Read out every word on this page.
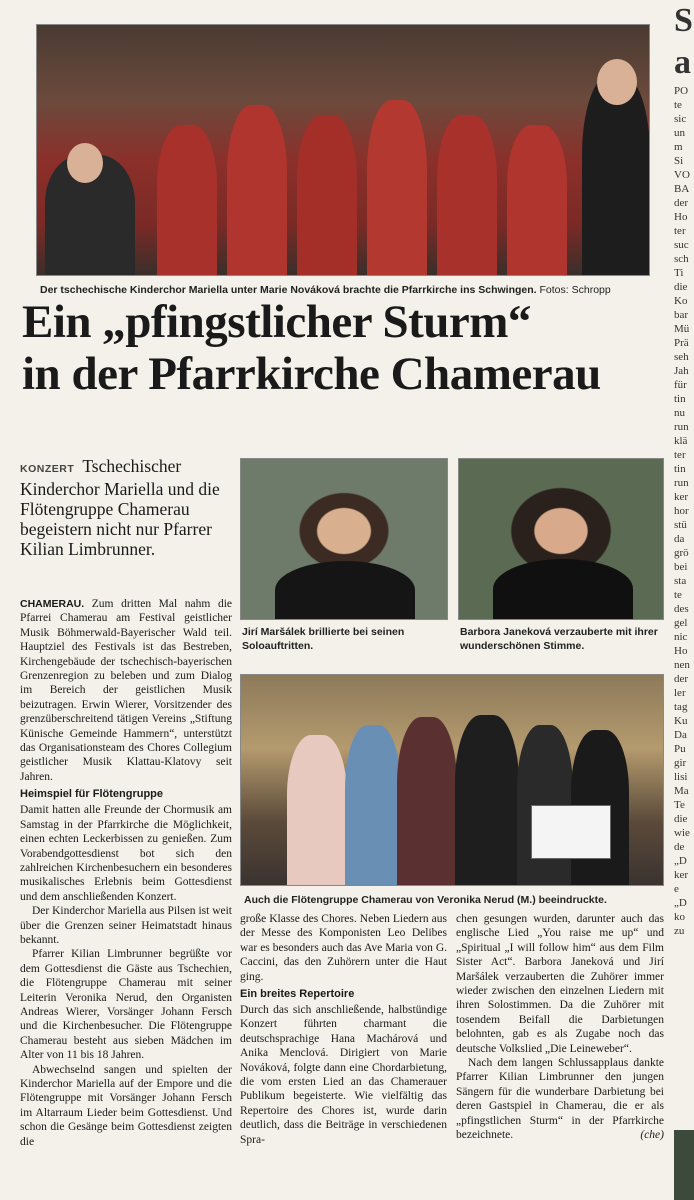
Der tschechische Kinderchor Mariella unter Marie Nováková brachte die Pfarrkirche ins Schwingen. Fotos: Schropp
Ein „pfingstlicher Sturm“
in der Pfarrkirche Chamerau
KONZERT Tschechischer Kinderchor Mariella und die Flötengruppe Chamerau begeistern nicht nur Pfarrer Kilian Limbrunner.
Jirí Maršálek brillierte bei seinen Soloauftritten.
Barbora Janeková verzauberte mit ihrer wunderschönen Stimme.
Auch die Flötengruppe Chamerau von Veronika Nerud (M.) beeindruckte.

CHAMERAU. Zum dritten Mal nahm die Pfarrei Chamerau am Festival geistlicher Musik Böhmerwald-Bayerischer Wald teil. Hauptziel des Festivals ist das Bestreben, Kirchengebäude der tschechisch-bayerischen Grenzenregion zu beleben und zum Dialog im Bereich der geistlichen Musik beizutragen. Erwin Wierer, Vorsitzender des grenzüberschreitend tätigen Vereins „Stiftung Künische Gemeinde Hammern“, unterstützt das Organisationsteam des Chores Collegium geistlicher Musik Klattau-Klatovy seit Jahren.

Heimspiel für Flötengruppe

Damit hatten alle Freunde der Chormusik am Samstag in der Pfarrkirche die Möglichkeit, einen echten Leckerbissen zu genießen. Zum Vorabendgottesdienst bot sich den zahlreichen Kirchenbesuchern ein besonderes musikalisches Erlebnis beim Gottesdienst und dem anschließenden Konzert.

Der Kinderchor Mariella aus Pilsen ist weit über die Grenzen seiner Heimatstadt hinaus bekannt.

Pfarrer Kilian Limbrunner begrüßte vor dem Gottesdienst die Gäste aus Tschechien, die Flötengruppe Chamerau mit seiner Leiterin Veronika Nerud, den Organisten Andreas Wierer, Vorsänger Johann Fersch und die Kirchenbesucher. Die Flötengruppe Chamerau besteht aus sieben Mädchen im Alter von 11 bis 18 Jahren.

Abwechselnd sangen und spielten der Kinderchor Mariella auf der Empore und die Flötengruppe mit Vorsänger Johann Fersch im Altarraum Lieder beim Gottesdienst. Und schon die Gesänge beim Gottesdienst zeigten die

große Klasse des Chores. Neben Liedern aus der Messe des Komponisten Leo Delibes war es besonders auch das Ave Maria von G. Caccini, das den Zuhörern unter die Haut ging.

Ein breites Repertoire

Durch das sich anschließende, halbstündige Konzert führten charmant die deutschsprachige Hana Machárová und Anika Menclová. Dirigiert von Marie Nováková, folgte dann eine Chordarbietung, die vom ersten Lied an das Chamerauer Publikum begeisterte. Wie vielfältig das Repertoire des Chores ist, wurde darin deutlich, dass die Beiträge in verschiedenen Spra-

chen gesungen wurden, darunter auch das englische Lied „You raise me up“ und „Spiritual „I will follow him“ aus dem Film Sister Act“. Barbora Janeková und Jirí Maršálek verzauberten die Zuhörer immer wieder zwischen den einzelnen Liedern mit ihren Solostimmen. Da die Zuhörer mit tosendem Beifall die Darbietungen belohnten, gab es als Zugabe noch das deutsche Volkslied „Die Leineweber“.

Nach dem langen Schlussapplaus dankte Pfarrer Kilian Limbrunner den jungen Sängern für die wunderbare Darbietung bei deren Gastspiel in Chamerau, die er als „pfingstlichen Sturm“ in der Pfarrkirche bezeichnete.	(che)

S
a
PO
te
sic
un
m
Si
VO
BA
der
Ho
ter
suc
sch
Ti
die
Ko
bar
Mü
Prä
seh
Jah
für
tin
nu
run
klä
ter
tin
run
ker
hor
stü
da
grö
bei
sta
te
des
gel
nic
Ho
nen
der
ler
tag
Ku
Da
Pu
gir
lisi
Ma
Te
die
wie
de
„D
ker
e
„D
ko
zu
